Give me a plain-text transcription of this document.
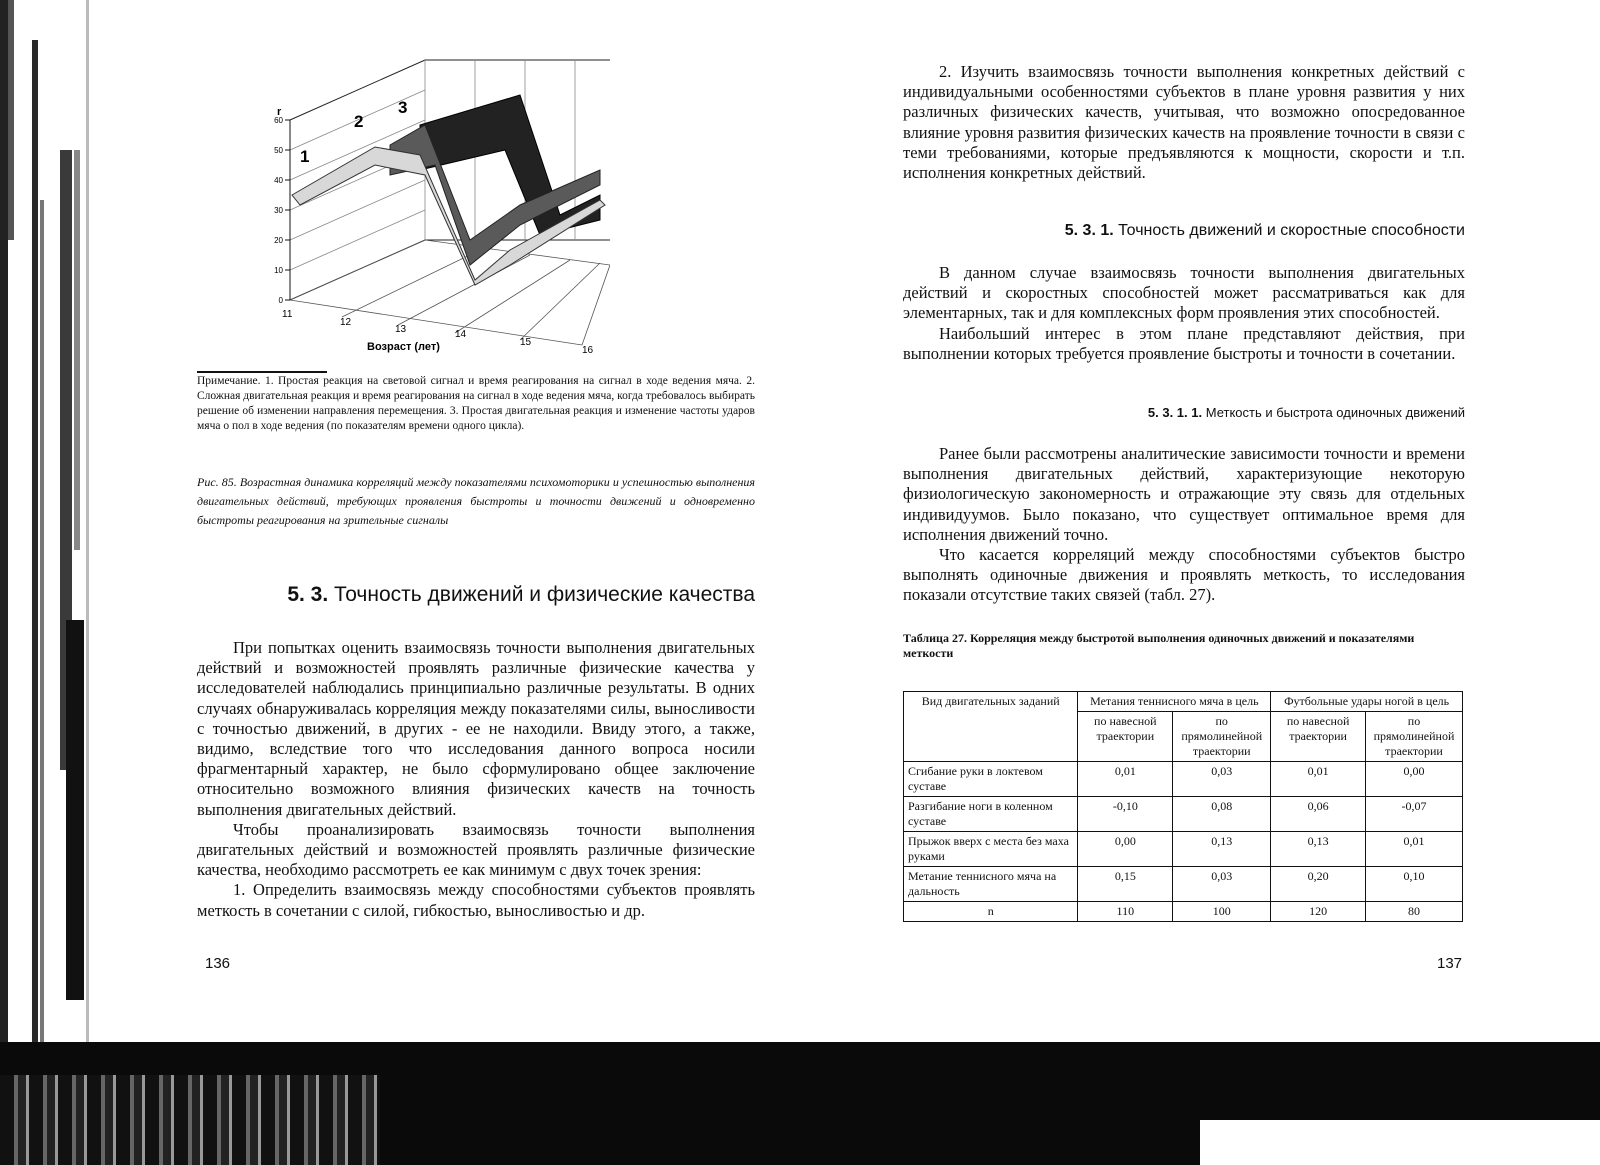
r
0
10
20
30
40
50
60
11
12
13	14
15
16
Возраст (лет)
1
2
3
Примечание. 1. Простая реакция на световой сигнал и время реагирования на сигнал в ходе ведения мяча. 2. Сложная двигательная реакция и время реагирования на сигнал в ходе ведения мяча, когда требовалось выбирать решение об изменении направления перемещения. 3. Простая двигательная реакция и изменение частоты ударов мяча о пол в ходе ведения (по показателям времени одного цикла).
Рис. 85. Возрастная динамика корреляций между показателями психомоторики и успешностью выполнения двигательных действий, требующих проявления быстроты и точности движений и одновременно быстроты реагирования на зрительные сигналы
5. 3. Точность движений и физические качества

При попытках оценить взаимосвязь точности выполнения двигательных действий и возможностей проявлять различные физические качества у исследователей наблюдались принципиально различные результаты. В одних случаях обнаруживалась корреляция между показателями силы, выносливости с точностью движений, в других - ее не находили. Ввиду этого, а также, видимо, вследствие того что исследования данного вопроса носили фрагментарный характер, не было сформулировано общее заключение относительно возможного влияния физических качеств на точность выполнения двигательных действий.

Чтобы проанализировать взаимосвязь точности выполнения двигательных действий и возможностей проявлять различные физические качества, необходимо рассмотреть ее как минимум с двух точек зрения:

1. Определить взаимосвязь между способностями субъектов проявлять меткость в сочетании с силой, гибкостью, выносливостью и др.

136

2. Изучить взаимосвязь точности выполнения конкретных действий с индивидуальными особенностями субъектов в плане уровня развития у них различных физических качеств, учитывая, что возможно опосредованное влияние уровня развития физических качеств на проявление точности в связи с теми требованиями, которые предъявляются к мощности, скорости и т.п. исполнения конкретных действий.

5. 3. 1. Точность движений и скоростные способности

В данном случае взаимосвязь точности выполнения двигательных действий и скоростных способностей может рассматриваться как для элементарных, так и для комплексных форм проявления этих способностей.

Наибольший интерес в этом плане представляют действия, при выполнении которых требуется проявление быстроты и точности в сочетании.

5. 3. 1. 1. Меткость и быстрота одиночных движений

Ранее были рассмотрены аналитические зависимости точности и времени выполнения двигательных действий, характеризующие некоторую физиологическую закономерность и отражающие эту связь для отдельных индивидуумов. Было показано, что существует оптимальное время для исполнения движений точно.

Что касается корреляций между способностями субъектов быстро выполнять одиночные движения и проявлять меткость, то исследования показали отсутствие таких связей (табл. 27).

Таблица 27. Корреляция между быстротой выполнения одиночных движений и показателями меткости
Вид двигательных заданий	Метания теннисного мяча в цель		Футбольные удары ногой в цель	
	по навесной траектории	по прямолинейной траектории	по навесной траектории	по прямолинейной траектории
Сгибание руки в локтевом суставе	0,01	0,03	0,01	0,00
Разгибание ноги в коленном суставе	-0,10	0,08	0,06	-0,07
Прыжок вверх с места без маха руками	0,00	0,13	0,13	0,01
Метание теннисного мяча на дальность	0,15	0,03	0,20	0,10
n	110	100	120	80
137
